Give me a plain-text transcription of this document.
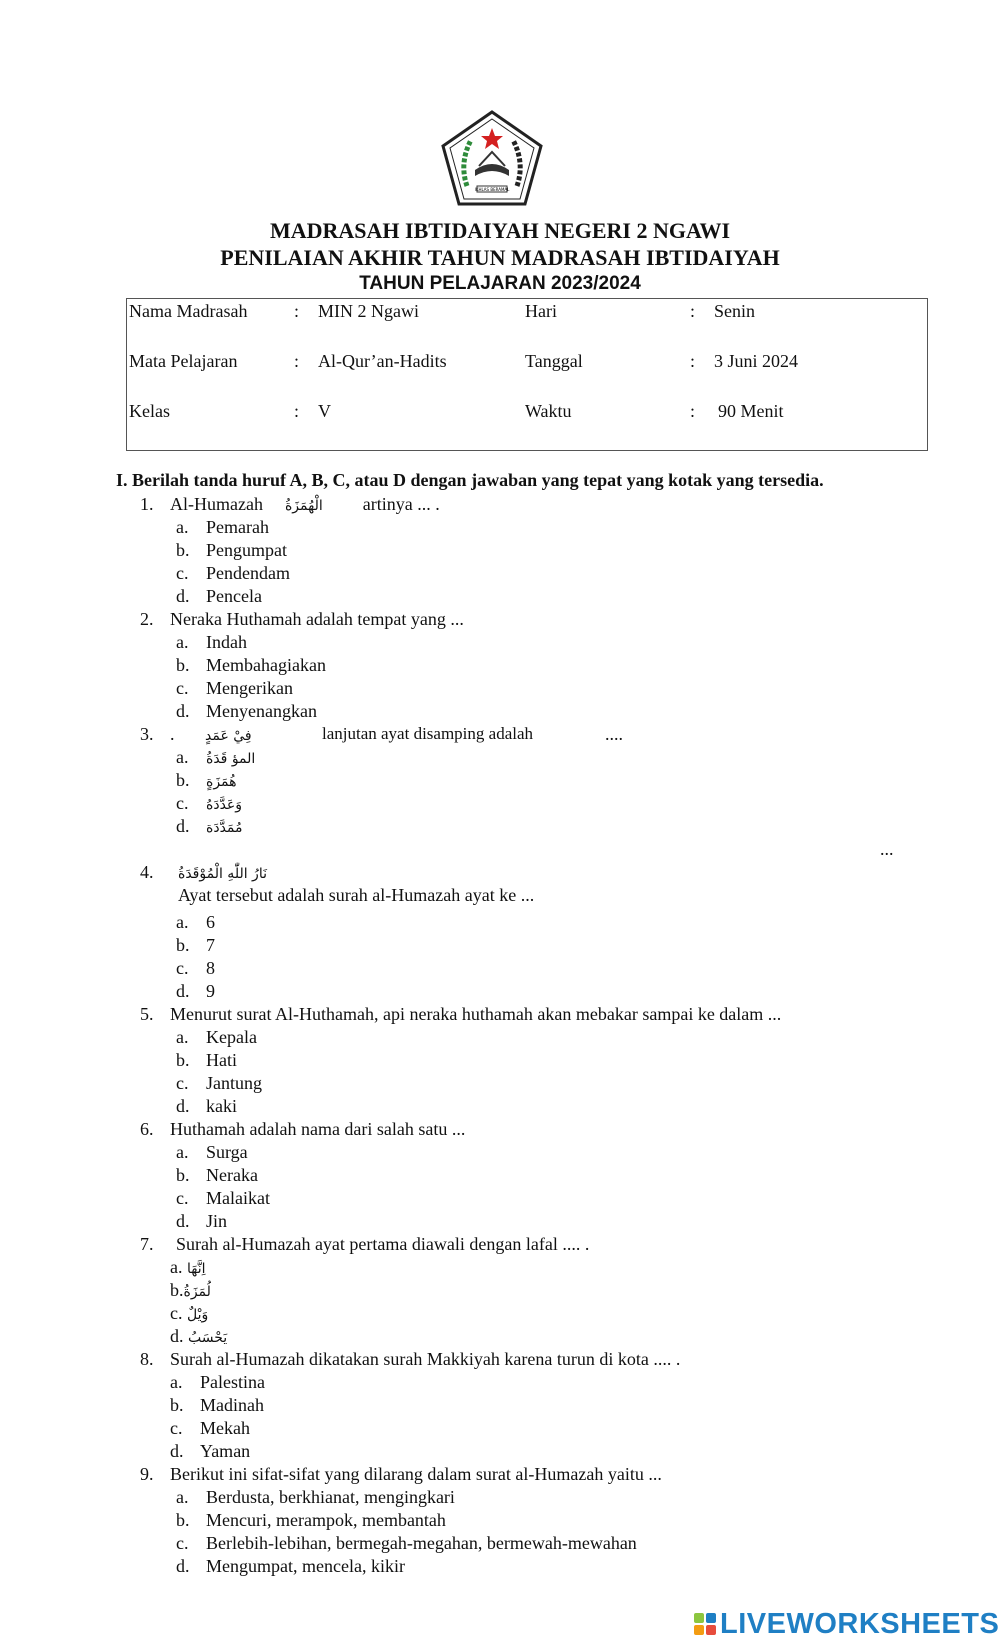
IKHLAS BERAMAL
MADRASAH IBTIDAIYAH NEGERI 2 NGAWI
PENILAIAN AKHIR TAHUN MADRASAH IBTIDAIYAH
TAHUN PELAJARAN 2023/2024
Nama Madrasah	: MIN 2 Ngawi	Hari	: Senin
Mata Pelajaran	: Al-Qur’an-Hadits	Tanggal	: 3 Juni 2024
Kelas	: V	Waktu	: 90 Menit
I. Berilah tanda huruf A, B, C, atau D dengan jawaban yang tepat yang kotak yang tersedia.
1. Al-Humazah الْهُمَزَةُ artinya ... .
a. Pemarah
b. Pengumpat
c. Pendendam
d. Pencela
2. Neraka Huthamah adalah tempat yang ...
a. Indah
b. Membahagiakan
c. Mengerikan
d. Menyenangkan
3. . فِيْ عَمَدٍ	lanjutan ayat disamping adalah	....
a. المؤ قَدَةُ
b. هُمَزَةٍ
c. وَعَدَّدَهُ
d. مُمَدَّدَة
...
4. نَارُ اللّٰهِ الْمُوْقَدَةُ
Ayat tersebut adalah surah al-Humazah ayat ke ...
a. 6
b. 7
c. 8
d. 9
5. Menurut surat Al-Huthamah, api neraka huthamah akan mebakar sampai ke dalam ...
a. Kepala
b. Hati
c. Jantung
d. kaki
6. Huthamah adalah nama dari salah satu ...
a. Surga
b. Neraka
c. Malaikat
d. Jin
7. Surah al-Humazah ayat pertama diawali dengan lafal .... .
a. اِنَّهَا
b.لُمَزَةُ
c. وَيْلٌ
d. يَحْسَبُ
8. Surah al-Humazah dikatakan surah Makkiyah karena turun di kota .... .
a. Palestina
b. Madinah
c. Mekah
d. Yaman
9. Berikut ini sifat-sifat yang dilarang dalam surat al-Humazah yaitu ...
a. Berdusta, berkhianat, mengingkari
b. Mencuri, merampok, membantah
c. Berlebih-lebihan, bermegah-megahan, bermewah-mewahan
d. Mengumpat, mencela, kikir
LIVEWORKSHEETS
